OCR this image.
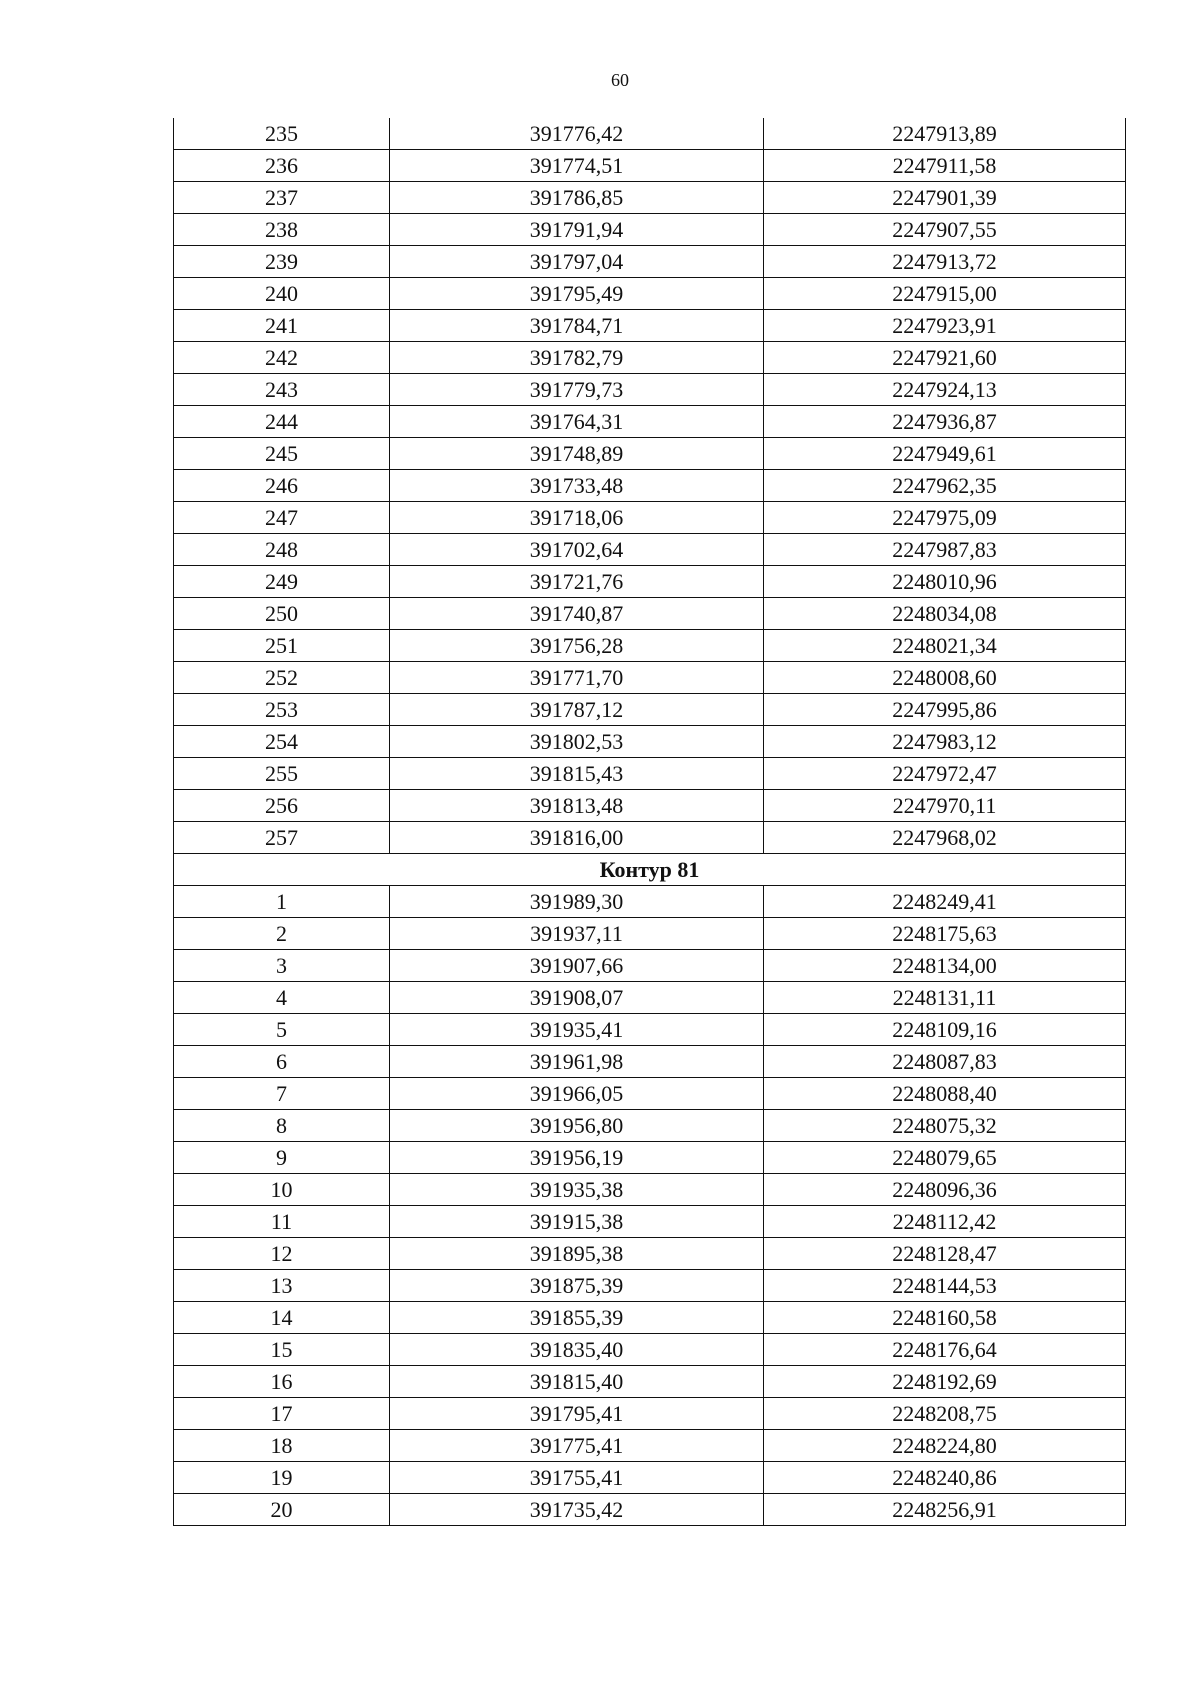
60
235	391776,42	2247913,89
236	391774,51	2247911,58
237	391786,85	2247901,39
238	391791,94	2247907,55
239	391797,04	2247913,72
240	391795,49	2247915,00
241	391784,71	2247923,91
242	391782,79	2247921,60
243	391779,73	2247924,13
244	391764,31	2247936,87
245	391748,89	2247949,61
246	391733,48	2247962,35
247	391718,06	2247975,09
248	391702,64	2247987,83
249	391721,76	2248010,96
250	391740,87	2248034,08
251	391756,28	2248021,34
252	391771,70	2248008,60
253	391787,12	2247995,86
254	391802,53	2247983,12
255	391815,43	2247972,47
256	391813,48	2247970,11
257	391816,00	2247968,02
Контур 81		
1	391989,30	2248249,41
2	391937,11	2248175,63
3	391907,66	2248134,00
4	391908,07	2248131,11
5	391935,41	2248109,16
6	391961,98	2248087,83
7	391966,05	2248088,40
8	391956,80	2248075,32
9	391956,19	2248079,65
10	391935,38	2248096,36
11	391915,38	2248112,42
12	391895,38	2248128,47
13	391875,39	2248144,53
14	391855,39	2248160,58
15	391835,40	2248176,64
16	391815,40	2248192,69
17	391795,41	2248208,75
18	391775,41	2248224,80
19	391755,41	2248240,86
20	391735,42	2248256,91
